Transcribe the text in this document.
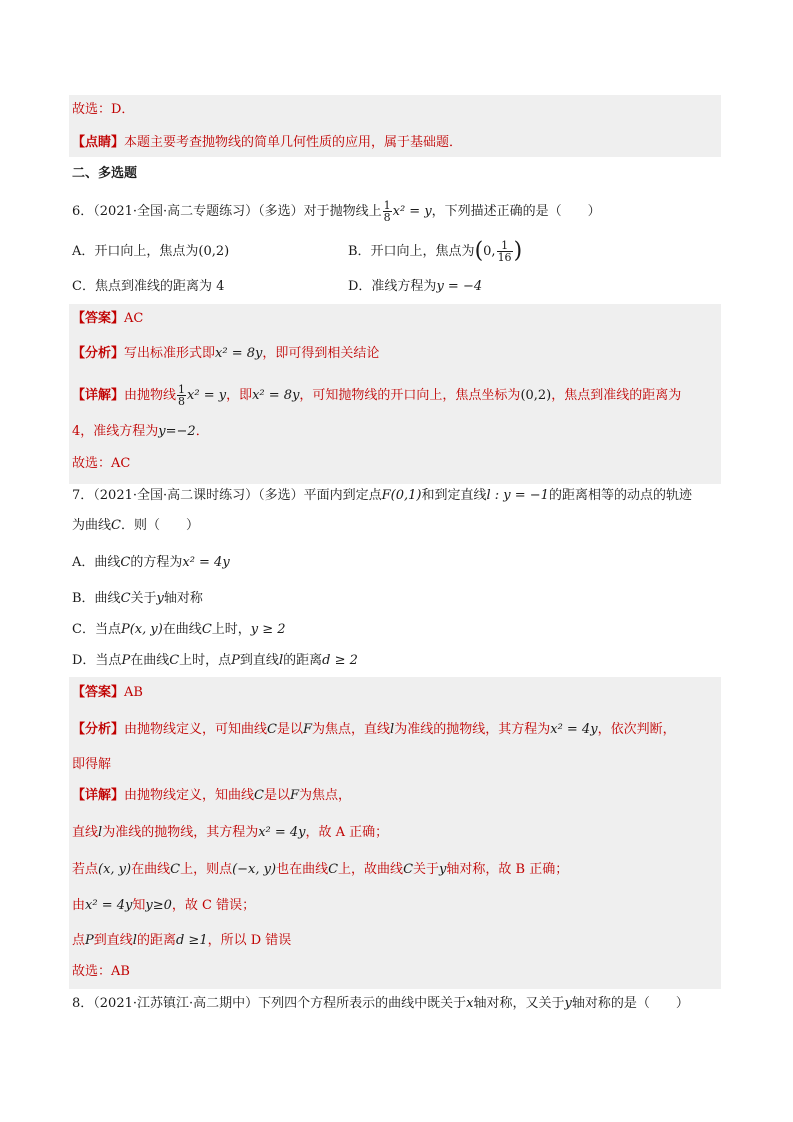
故选：D．
【点睛】本题主要考查抛物线的简单几何性质的应用，属于基础题．
二、多选题
6．（2021·全国·高二专题练习）（多选）对于抛物线上 $\frac{1}{8} x^2 = y$，下列描述正确的是（　　）
A．开口向上，焦点为(0,2)	B．开口向上，焦点为(0, $\frac{1}{16}$ )
C．焦点到准线的距离为 4	D．准线方程为y = −4
【答案】AC
【分析】写出标准形式即x² = 8y，即可得到相关结论
【详解】由抛物线 $\frac{1}{8} x^2 = y$，即x² = 8y，可知抛物线的开口向上，焦点坐标为(0,2)，焦点到准线的距离为
4，准线方程为y=−2．
故选：AC
7．（2021·全国·高二课时练习）（多选）平面内到定点F(0,1)和到定直线l : y = −1的距离相等的动点的轨迹
为曲线C．则（　　）
A．曲线C的方程为x² = 4y
B．曲线C关于y轴对称
C．当点P(x, y)在曲线C上时，y ≥ 2
D．当点P在曲线C上时，点P到直线l的距离d ≥ 2
【答案】AB
【分析】由抛物线定义，可知曲线C是以F为焦点，直线l为准线的抛物线，其方程为x² = 4y，依次判断，
即得解
【详解】由抛物线定义，知曲线C是以F为焦点，
直线l为准线的抛物线，其方程为x² = 4y，故 A 正确；
若点(x, y)在曲线C上，则点(−x, y)也在曲线C上，故曲线C关于y轴对称，故 B 正确；
由x² = 4y知y≥0，故 C 错误；
点P到直线l的距离d ≥1，所以 D 错误
故选：AB
8．（2021·江苏镇江·高二期中）下列四个方程所表示的曲线中既关于x轴对称，又关于y轴对称的是（　　）
